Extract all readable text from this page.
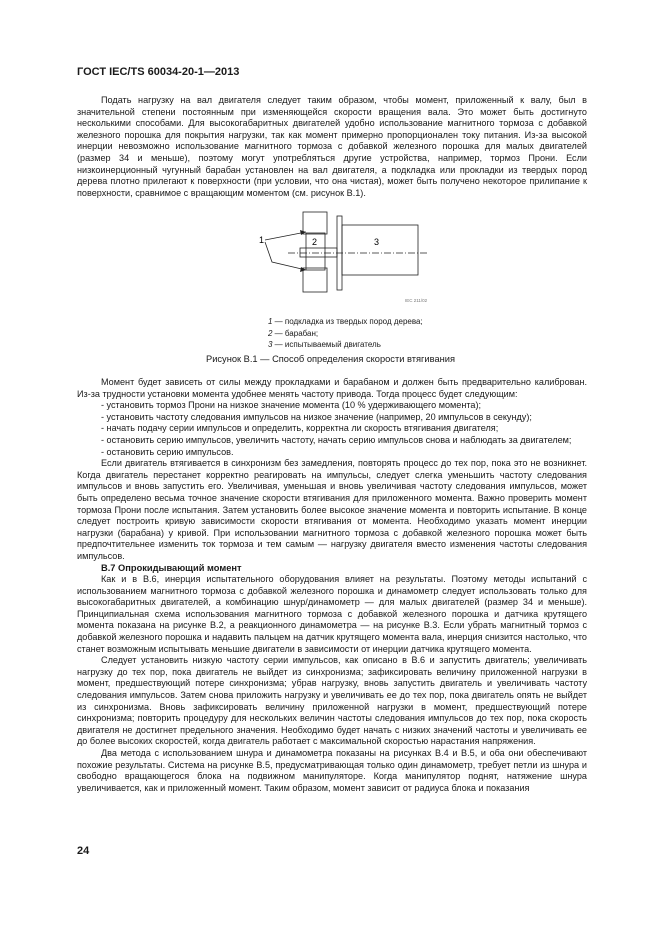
ГОСТ IEC/TS 60034-20-1—2013

Подать нагрузку на вал двигателя следует таким образом, чтобы момент, приложенный к валу, был в значительной степени постоянным при изменяющейся скорости вращения вала. Это может быть достигнуто несколькими способами. Для высокогабаритных двигателей удобно использование магнитного тормоза с добавкой железного порошка для покрытия нагрузки, так как момент примерно пропорционален току питания. Из-за высокой инерции невозможно использование магнитного тормоза с добавкой железного порошка для малых двигателей (размер 34 и меньше), поэтому могут употребляться другие устройства, например, тормоз Прони. Если низкоинерционный чугунный барабан установлен на вал двигателя, а подкладка или прокладки из твердых пород дерева плотно прилегают к поверхности (при условии, что она чистая), может быть получено некоторое прилипание к поверхности, сравнимое с вращающим моментом (см. рисунок В.1).

1	2	3
IEC 211/02
1 — подкладка из твердых пород дерева;
2 — барабан;
3 — испытываемый двигатель
Рисунок В.1 — Способ определения скорости втягивания

Момент будет зависеть от силы между прокладками и барабаном и должен быть предварительно калиброван. Из-за трудности установки момента удобнее менять частоту привода. Тогда процесс будет следующим:

- установить тормоз Прони на низкое значение момента (10 % удерживающего момента);

- установить частоту следования импульсов на низкое значение (например, 20 импульсов в секунду);

- начать подачу серии импульсов и определить, корректна ли скорость втягивания двигателя;

- остановить серию импульсов, увеличить частоту, начать серию импульсов снова и наблюдать за двигателем;

- остановить серию импульсов.

Если двигатель втягивается в синхронизм без замедления, повторять процесс до тех пор, пока это не возникнет. Когда двигатель перестанет корректно реагировать на импульсы, следует слегка уменьшить частоту следования импульсов и вновь запустить его. Увеличивая, уменьшая и вновь увеличивая частоту следования импульсов, может быть определено весьма точное значение скорости втягивания для приложенного момента. Важно проверить момент тормоза Прони после испытания. Затем установить более высокое значение момента и повторить испытание. В конце следует построить кривую зависимости скорости втягивания от момента. Необходимо указать момент инерции нагрузки (барабана) у кривой. При использовании магнитного тормоза с добавкой железного порошка может быть предпочтительнее изменить ток тормоза и тем самым — нагрузку двигателя вместо изменения частоты следования импульсов.

В.7 Опрокидывающий момент

Как и в В.6, инерция испытательного оборудования влияет на результаты. Поэтому методы испытаний с использованием магнитного тормоза с добавкой железного порошка и динамометр следует использовать только для высокогабаритных двигателей, а комбинацию шнур/динамометр — для малых двигателей (размер 34 и меньше). Принципиальная схема использования магнитного тормоза с добавкой железного порошка и датчика крутящего момента показана на рисунке В.2, а реакционного динамометра — на рисунке В.3. Если убрать магнитный тормоз с добавкой железного порошка и надавить пальцем на датчик крутящего момента вала, инерция снизится настолько, что станет возможным испытывать меньшие двигатели в зависимости от инерции датчика крутящего момента.

Следует установить низкую частоту серии импульсов, как описано в В.6 и запустить двигатель; увеличивать нагрузку до тех пор, пока двигатель не выйдет из синхронизма; зафиксировать величину приложенной нагрузки в момент, предшествующий потере синхронизма; убрав нагрузку, вновь запустить двигатель и увеличивать частоту следования импульсов. Затем снова приложить нагрузку и увеличивать ее до тех пор, пока двигатель опять не выйдет из синхронизма. Вновь зафиксировать величину приложенной нагрузки в момент, предшествующий потере синхронизма; повторить процедуру для нескольких величин частоты следования импульсов до тех пор, пока скорость двигателя не достигнет предельного значения. Необходимо будет начать с низких значений частоты и увеличивать ее до более высоких скоростей, когда двигатель работает с максимальной скоростью нарастания напряжения.

Два метода с использованием шнура и динамометра показаны на рисунках В.4 и В.5, и оба они обеспечивают похожие результаты. Система на рисунке В.5, предусматривающая только один динамометр, требует петли из шнура и свободно вращающегося блока на подвижном манипуляторе. Когда манипулятор поднят, натяжение шнура увеличивается, как и приложенный момент. Таким образом, момент зависит от радиуса блока и показания

24
